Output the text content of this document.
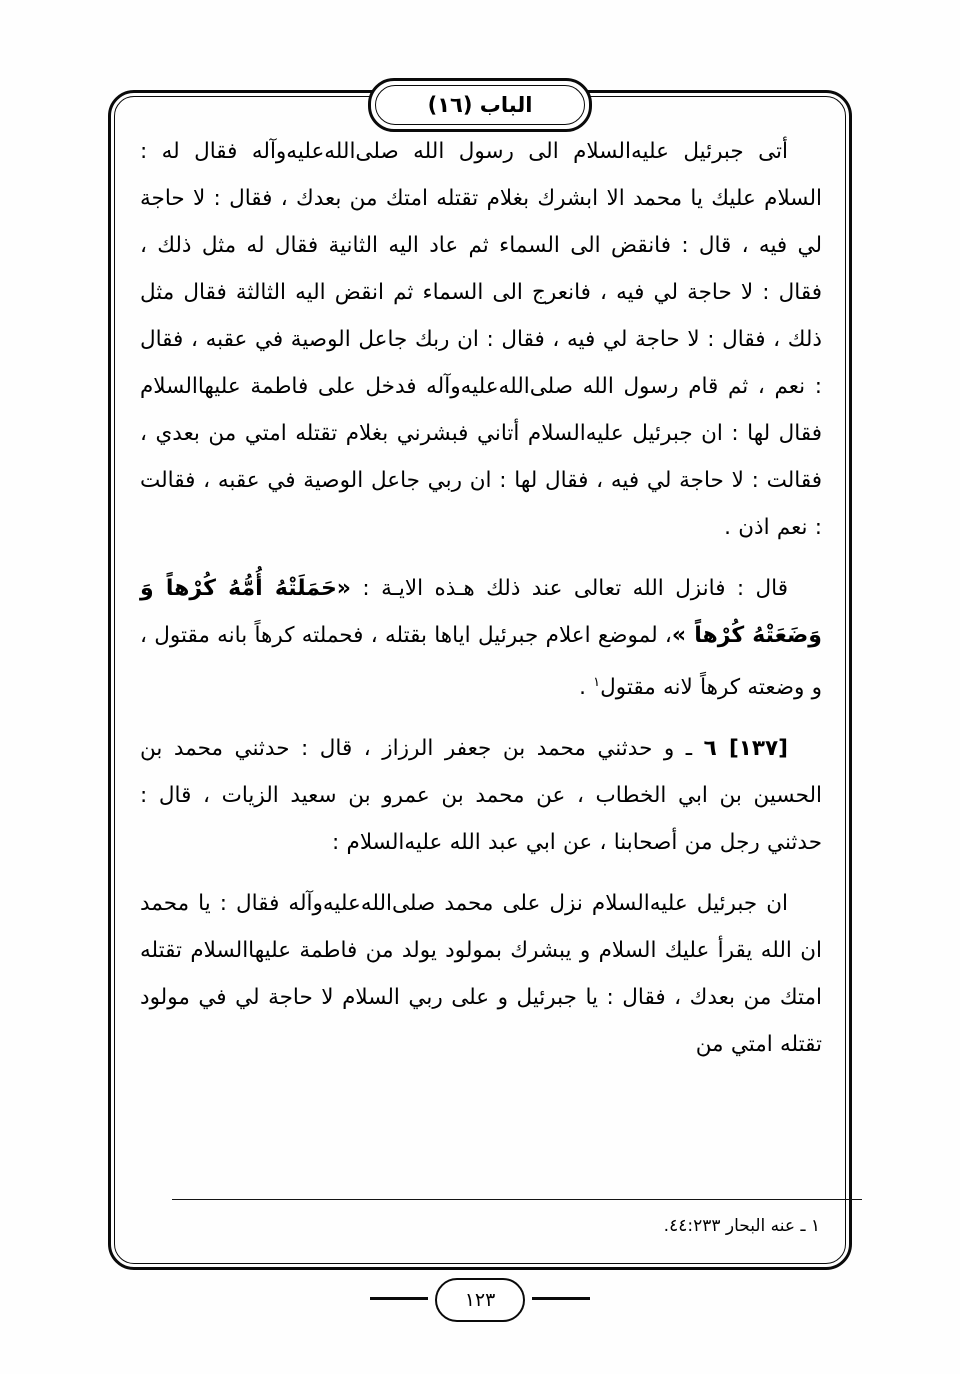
الباب (١٦)

أتى جبرئيل عليه‌السلام الى رسول الله صلى‌الله‌عليه‌وآله فقال له : السلام عليك يا محمد الا ابشرك بغلام تقتله امتك من بعدك ، فقال : لا حاجة لي فيه ، قال : فانقض الى السماء ثم عاد اليه الثانية فقال له مثل ذلك ، فقال : لا حاجة لي فيه ، فانعرج الى السماء ثم انقض اليه الثالثة فقال مثل ذلك ، فقال : لا حاجة لي فيه ، فقال : ان ربك جاعل الوصية في عقبه ، فقال : نعم ، ثم قام رسول الله صلى‌الله‌عليه‌وآله فدخل على فاطمة عليها‌السلام فقال لها : ان جبرئيل عليه‌السلام أتاني فبشرني بغلام تقتله امتي من بعدي ، فقالت : لا حاجة لي فيه ، فقال لها : ان ربي جاعل الوصية في عقبه ، فقالت : نعم اذن .

قال : فانزل الله تعالى عند ذلك هـذه الايـة : «حَمَلَتْهُ أُمُّهُ كُرْهاً وَ وَضَعَتْهُ كُرْهاً »، لموضع اعلام جبرئيل اياها بقتله ، فحملته كرهاً بانه مقتول ، و وضعته كرهاً لانه مقتول$^١$ .

[١٣٧] ٦ ـ و حدثني محمد بن جعفر الرزاز ، قال : حدثني محمد بن الحسين بن ابي الخطاب ، عن محمد بن عمرو بن سعيد الزيات ، قال : حدثني رجل من أصحابنا ، عن ابي عبد الله عليه‌السلام :

ان جبرئيل عليه‌السلام نزل على محمد صلى‌الله‌عليه‌وآله فقال : يا محمد ان الله يقرأ عليك السلام و يبشرك بمولود يولد من فاطمة عليها‌السلام تقتله امتك من بعدك ، فقال : يا جبرئيل و على ربي السلام لا حاجة لي في مولود تقتله امتي من

١ ـ عنه البحار ٤٤:٢٣٣.
١٢٣
